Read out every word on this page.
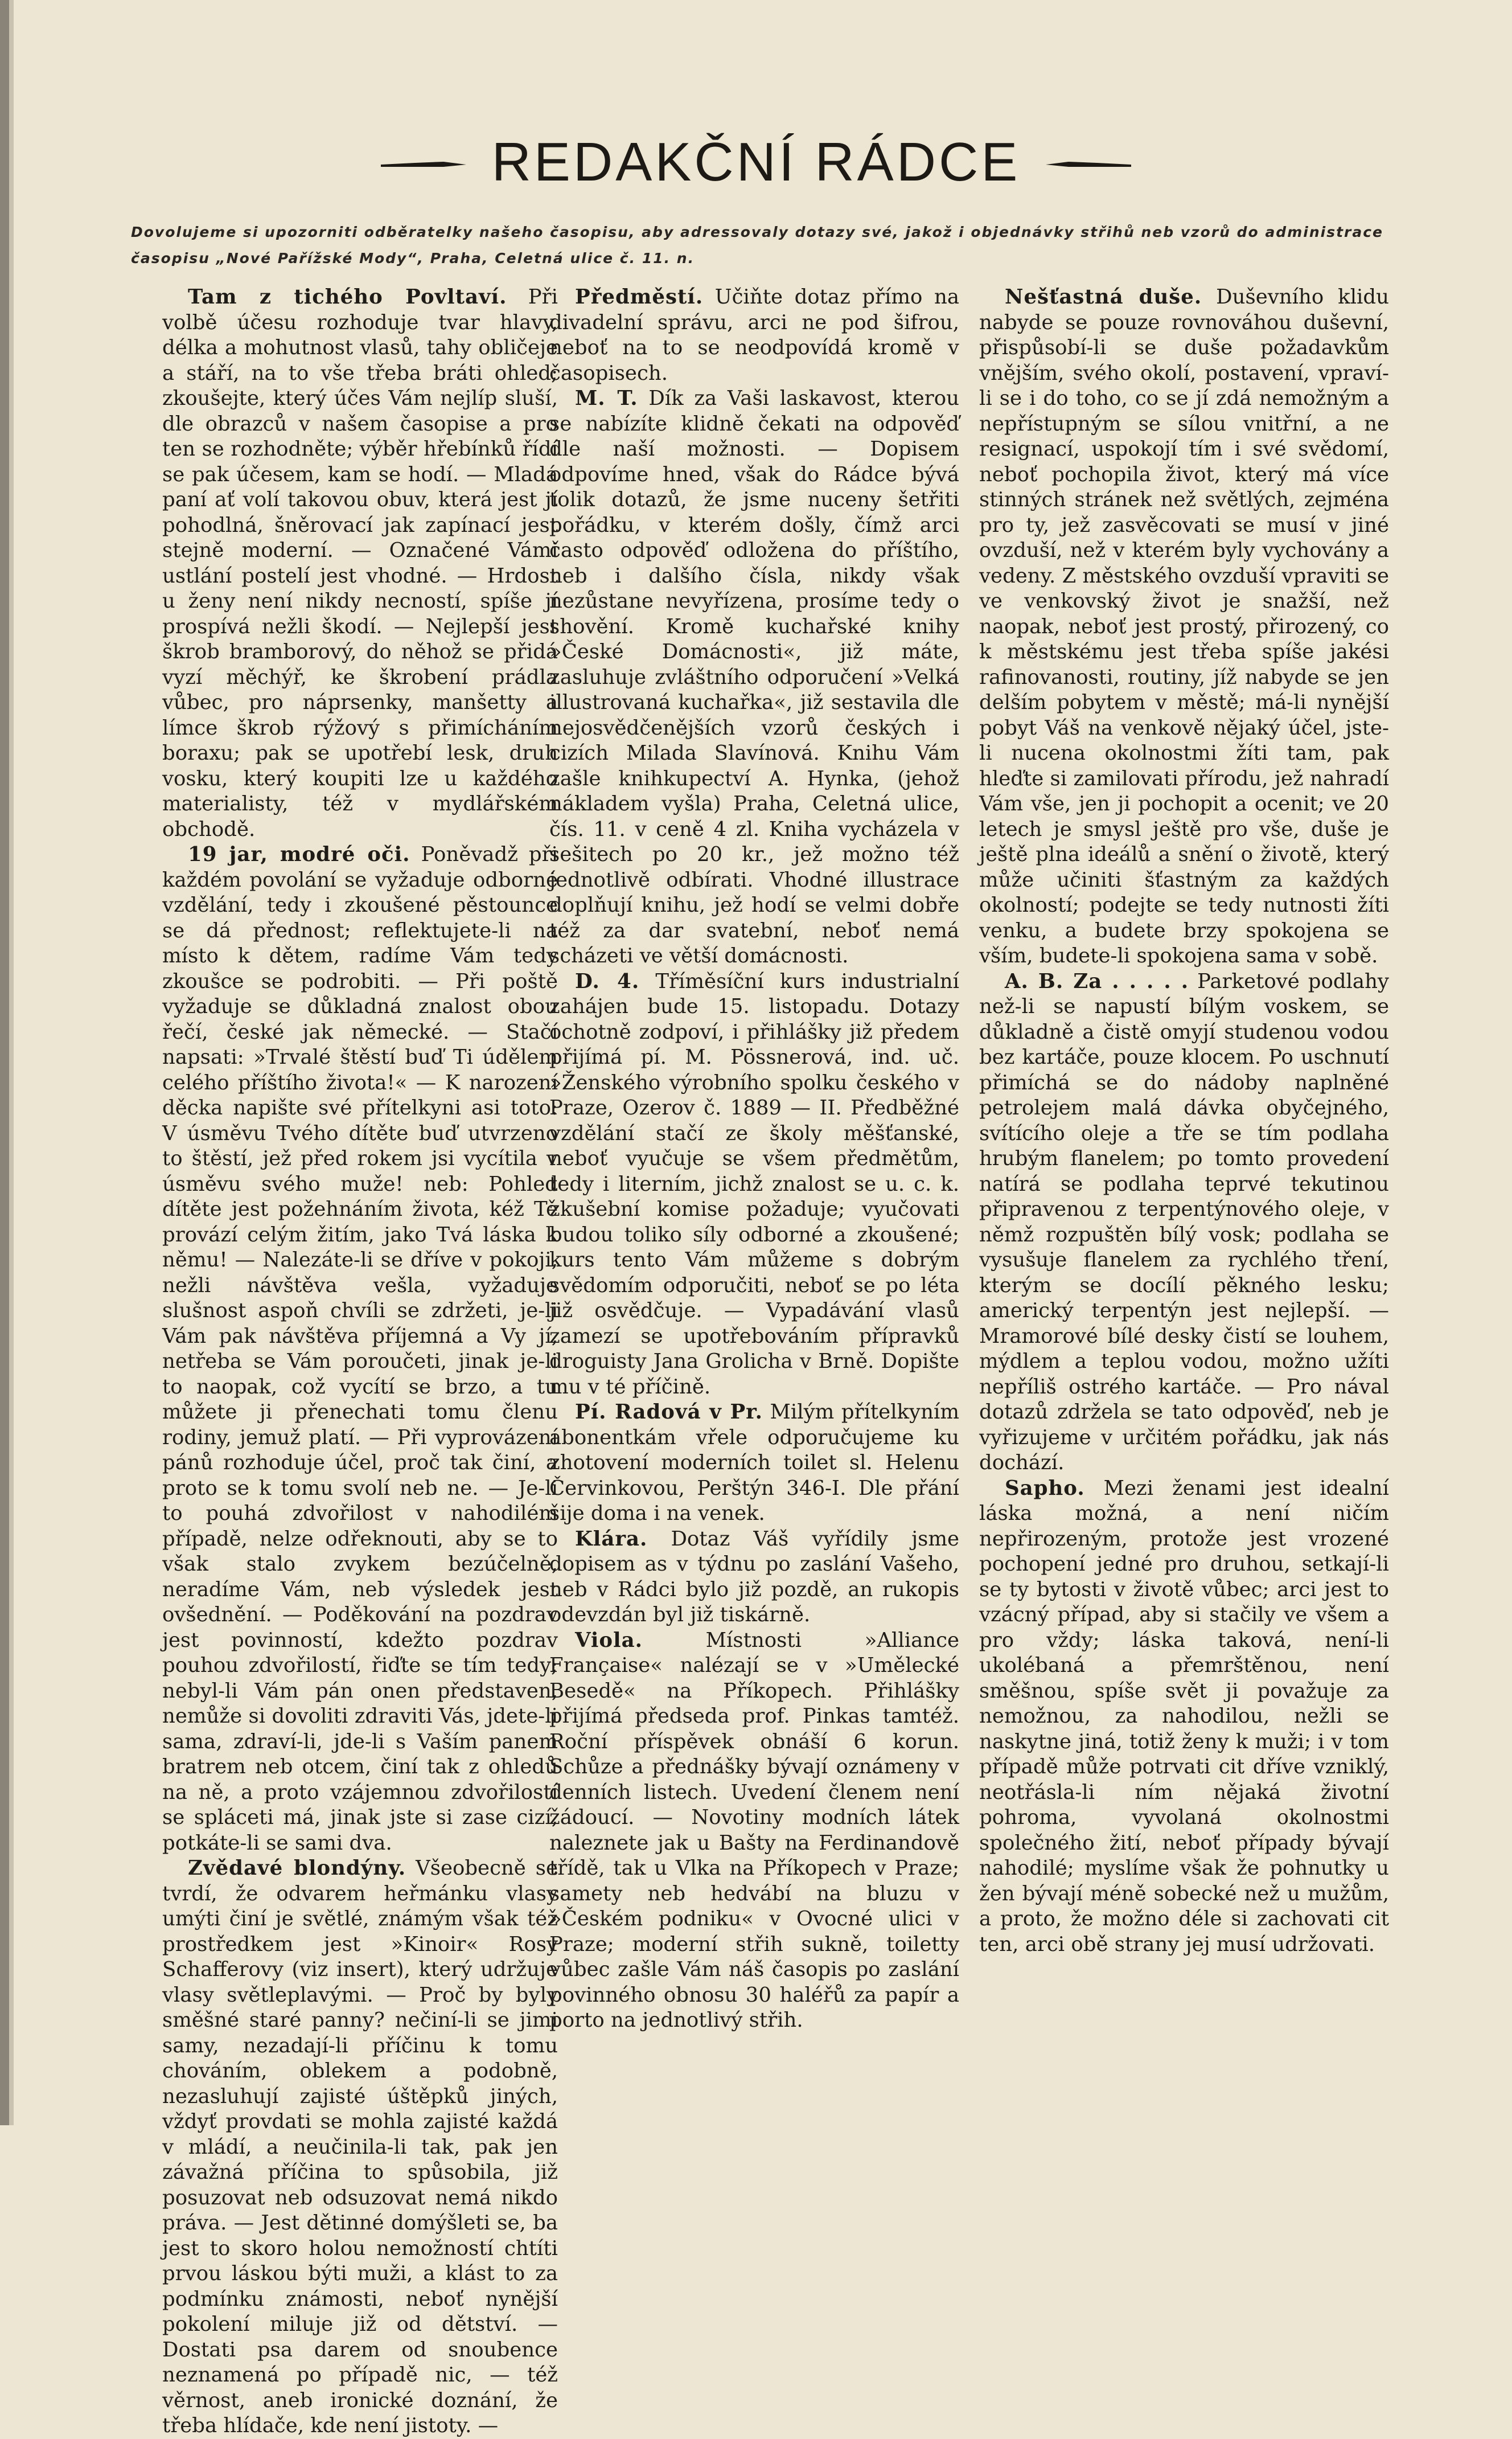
REDAKČNÍ RÁDCE
Dovolujeme si upozorniti odběratelky našeho časopisu, aby adressovaly dotazy své, jakož i objednávky střihů neb vzorů do administrace časopisu „Nové Pařížské Mody“, Praha, Celetná ulice č. 11. n.

Tam z tichého Povltaví. Při volbě účesu rozhoduje tvar hlavy, délka a mohutnost vlasů, tahy obličeje a stáří, na to vše třeba bráti ohled; zkoušejte, který účes Vám nejlíp sluší, dle obrazců v našem časopise a pro ten se rozhodněte; výběr hřebínků řídí se pak účesem, kam se hodí. — Mladá paní ať volí takovou obuv, která jest jí pohodlná, šněrovací jak zapínací jest stejně moderní. — Označené Vámi ustlání postelí jest vhodné. — Hrdost u ženy není nikdy necností, spíše jí prospívá nežli škodí. — Nejlepší jest škrob bramborový, do něhož se přidá vyzí měchýř, ke škrobení prádla vůbec, pro náprsenky, manšetty a límce škrob rýžový s přimícháním boraxu; pak se upotřebí lesk, druh vosku, který koupiti lze u každého materialisty, též v mydlářském obchodě.

19 jar, modré oči. Poněvadž při každém povolání se vyžaduje odborné vzdělání, tedy i zkoušené pěstounce se dá přednost; reflektujete-li na místo k dětem, radíme Vám tedy zkoušce se podrobiti. — Při poště vyžaduje se důkladná znalost obou řečí, české jak německé. — Stačí napsati: »Trvalé štěstí buď Ti údělem celého příštího života!« — K narození děcka napište své přítelkyni asi toto: V úsměvu Tvého dítěte buď utvrzeno to štěstí, jež před rokem jsi vycítila v úsměvu svého muže! neb: Pohled dítěte jest požehnáním života, kéž Tě provází celým žitím, jako Tvá láska k němu! — Nalezáte-li se dříve v pokoji, nežli návštěva vešla, vyžaduje slušnost aspoň chvíli se zdržeti, je-li Vám pak návštěva příjemná a Vy jí, netřeba se Vám poroučeti, jinak je-li to naopak, což vycítí se brzo, a tu můžete ji přenechati tomu členu rodiny, jemuž platí. — Při vyprovázení pánů rozhoduje účel, proč tak činí, a proto se k tomu svolí neb ne. — Je-li to pouhá zdvořilost v nahodilém případě, nelze odřeknouti, aby se to však stalo zvykem bezúčelně, neradíme Vám, neb výsledek jest ovšednění. — Poděkování na pozdrav jest povinností, kdežto pozdrav pouhou zdvořilostí, řiďte se tím tedy; nebyl-li Vám pán onen představen, nemůže si dovoliti zdraviti Vás, jdete-li sama, zdraví-li, jde-li s Vaším panem bratrem neb otcem, činí tak z ohledů na ně, a proto vzájemnou zdvořilostí se spláceti má, jinak jste si zase cizí, potkáte-li se sami dva.

Zvědavé blondýny. Všeobecně se tvrdí, že odvarem heřmánku vlasy umýti činí je světlé, známým však též prostředkem jest »Kinoir« Rosy Schafferovy (viz insert), který udržuje vlasy světleplavými. — Proč by byly směšné staré panny? nečiní-li se jimi samy, nezadají-li příčinu k tomu chováním, oblekem a podobně, nezasluhují zajisté úštěpků jiných, vždyť provdati se mohla zajisté každá v mládí, a neučinila-li tak, pak jen závažná příčina to spůsobila, již posuzovat neb odsuzovat nemá nikdo práva. — Jest dětinné domýšleti se, ba jest to skoro holou nemožností chtíti prvou láskou býti muži, a klást to za podmínku známosti, neboť nynější pokolení miluje již od dětství. — Dostati psa darem od snoubence neznamená po případě nic, — též věrnost, aneb ironické doznání, že třeba hlídače, kde není jistoty. —

Předměstí. Učiňte dotaz přímo na divadelní správu, arci ne pod šifrou, neboť na to se neodpovídá kromě v časopisech.

M. T. Dík za Vaši laskavost, kterou se nabízíte klidně čekati na odpověď dle naší možnosti. — Dopisem odpovíme hned, však do Rádce bývá tolik dotazů, že jsme nuceny šetřiti pořádku, v kterém došly, čímž arci často odpověď odložena do příštího, neb i dalšího čísla, nikdy však nezůstane nevyřízena, prosíme tedy o shovění. Kromě kuchařské knihy »České Domácnosti«, již máte, zasluhuje zvláštního odporučení »Velká illustrovaná kuchařka«, již sestavila dle nejosvědčenějších vzorů českých i cizích Milada Slavínová. Knihu Vám zašle knihkupectví A. Hynka, (jehož nákladem vyšla) Praha, Celetná ulice, čís. 11. v ceně 4 zl. Kniha vycházela v sešitech po 20 kr., jež možno též jednotlivě odbírati. Vhodné illustrace doplňují knihu, jež hodí se velmi dobře též za dar svatební, neboť nemá scházeti ve větší domácnosti.

D. 4. Tříměsíční kurs industrialní zahájen bude 15. listopadu. Dotazy ochotně zodpoví, i přihlášky již předem přijímá pí. M. Pössnerová, ind. uč. »Ženského výrobního spolku českého v Praze, Ozerov č. 1889 — II. Předběžné vzdělání stačí ze školy měšťanské, neboť vyučuje se všem předmětům, tedy i literním, jichž znalost se u. c. k. zkušební komise požaduje; vyučovati budou toliko síly odborné a zkoušené; kurs tento Vám můžeme s dobrým svědomím odporučiti, neboť se po léta již osvědčuje. — Vypadávání vlasů zamezí se upotřebováním přípravků droguisty Jana Grolicha v Brně. Dopište mu v té příčině.

Pí. Radová v Pr. Milým přítelkyním abonentkám vřele odporučujeme ku zhotovení moderních toilet sl. Helenu Červinkovou, Perštýn 346-I. Dle přání šije doma i na venek.

Klára. Dotaz Váš vyřídily jsme dopisem as v týdnu po zaslání Vašeho, neb v Rádci bylo již pozdě, an rukopis odevzdán byl již tiskárně.

Viola.	Místnosti »Alliance Française« nalézají se v »Umělecké Besedě« na Příkopech. Přihlášky přijímá předseda prof. Pinkas tamtéž. Roční příspěvek obnáší 6 korun. Schůze a přednášky bývají oznámeny v denních listech. Uvedení členem není žádoucí. — Novotiny modních látek naleznete jak u Bašty na Ferdinandově třídě, tak u Vlka na Příkopech v Praze; samety neb hedvábí na bluzu v »Českém podniku« v Ovocné ulici v Praze; moderní střih sukně, toiletty vůbec zašle Vám náš časopis po zaslání povinného obnosu 30 haléřů za papír a porto na jednotlivý střih.

Nešťastná duše. Duševního klidu nabyde se pouze rovnováhou duševní, přispůsobí-li se duše požadavkům vnějším, svého okolí, postavení, vpraví-li se i do toho, co se jí zdá nemožným a nepřístupným se sílou vnitřní, a ne resignací, uspokojí tím i své svědomí, neboť pochopila život, který má více stinných stránek než světlých, zejména pro ty, jež zasvěcovati se musí v jiné ovzduší, než v kterém byly vychovány a vedeny. Z městského ovzduší vpraviti se ve venkovský život je snažší, než naopak, neboť jest prostý, přirozený, co k městskému jest třeba spíše jakési rafinovanosti, routiny, jíž nabyde se jen delším pobytem v městě; má-li nynější pobyt Váš na venkově nějaký účel, jste-li nucena okolnostmi žíti tam, pak hleďte si zamilovati přírodu, jež nahradí Vám vše, jen ji pochopit a ocenit; ve 20 letech je smysl ještě pro vše, duše je ještě plna ideálů a snění o životě, který může učiniti šťastným za každých okolností; podejte se tedy nutnosti žíti venku, a budete brzy spokojena se vším, budete-li spokojena sama v sobě.

A. B. Za . . . . . Parketové podlahy než-li se napustí bílým voskem, se důkladně a čistě omyjí studenou vodou bez kartáče, pouze klocem. Po uschnutí přimíchá se do nádoby naplněné petrolejem malá dávka obyčejného, svítícího oleje a tře se tím podlaha hrubým flanelem; po tomto provedení natírá se podlaha teprvé tekutinou připravenou z terpentýnového oleje, v němž rozpuštěn bílý vosk; podlaha se vysušuje flanelem za rychlého tření, kterým se docílí pěkného lesku; americký terpentýn jest nejlepší. — Mramorové bílé desky čistí se louhem, mýdlem a teplou vodou, možno užíti nepříliš ostrého kartáče. — Pro nával dotazů zdržela se tato odpověď, neb je vyřizujeme v určitém pořádku, jak nás dochází.

Sapho. Mezi ženami jest idealní láska možná, a není ničím nepřirozeným, protože jest vrozené pochopení jedné pro druhou, setkají-li se ty bytosti v životě vůbec; arci jest to vzácný případ, aby si stačily ve všem a pro vždy; láska taková, není-li ukolébaná a přemrštěnou, není směšnou, spíše svět ji považuje za nemožnou, za nahodilou, nežli se naskytne jiná, totiž ženy k muži; i v tom případě může potrvati cit dříve vzniklý, neotřásla-li ním nějaká životní pohroma, vyvolaná okolnostmi společného žití, neboť případy bývají nahodilé; myslíme však že pohnutky u žen bývají méně sobecké než u mužům, a proto, že možno déle si zachovati cit ten, arci obě strany jej musí udržovati.
